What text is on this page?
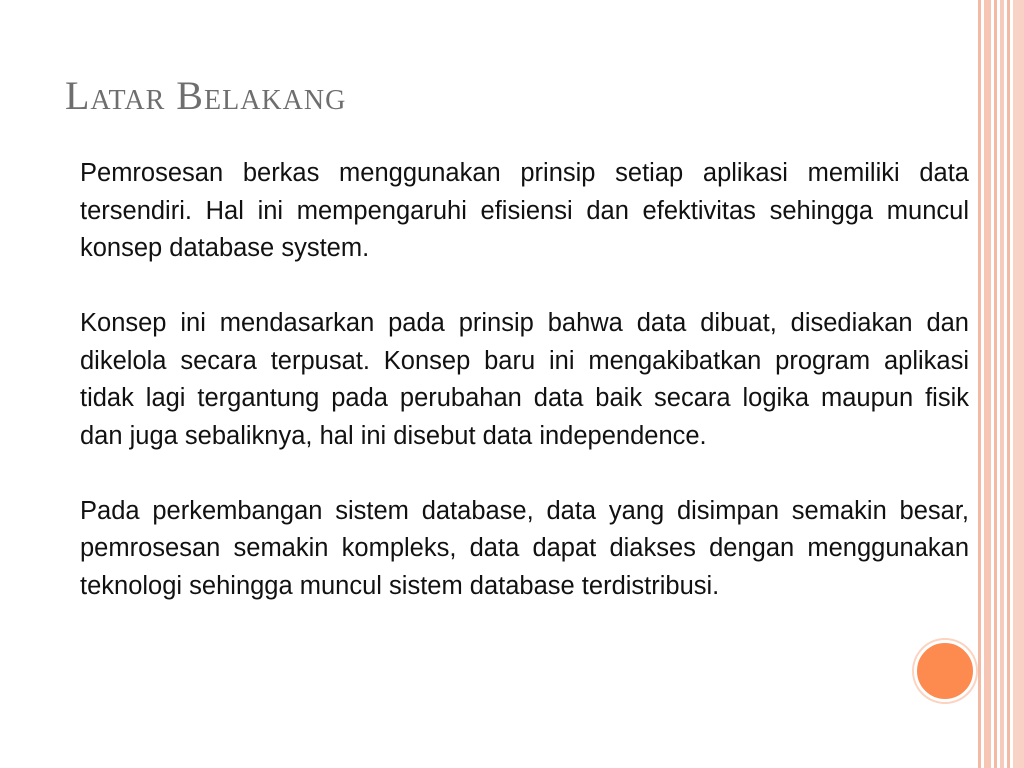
Latar Belakang

Pemrosesan berkas menggunakan prinsip setiap aplikasi memiliki data tersendiri. Hal ini mempengaruhi efisiensi dan efektivitas sehingga muncul konsep database system.

Konsep ini mendasarkan pada prinsip bahwa data dibuat, disediakan dan dikelola secara terpusat. Konsep baru ini mengakibatkan program aplikasi tidak lagi tergantung pada perubahan data baik secara logika maupun fisik dan juga sebaliknya, hal ini disebut data independence.

Pada perkembangan sistem database, data yang disimpan semakin besar, pemrosesan semakin kompleks, data dapat diakses dengan menggunakan teknologi sehingga muncul sistem database terdistribusi.
